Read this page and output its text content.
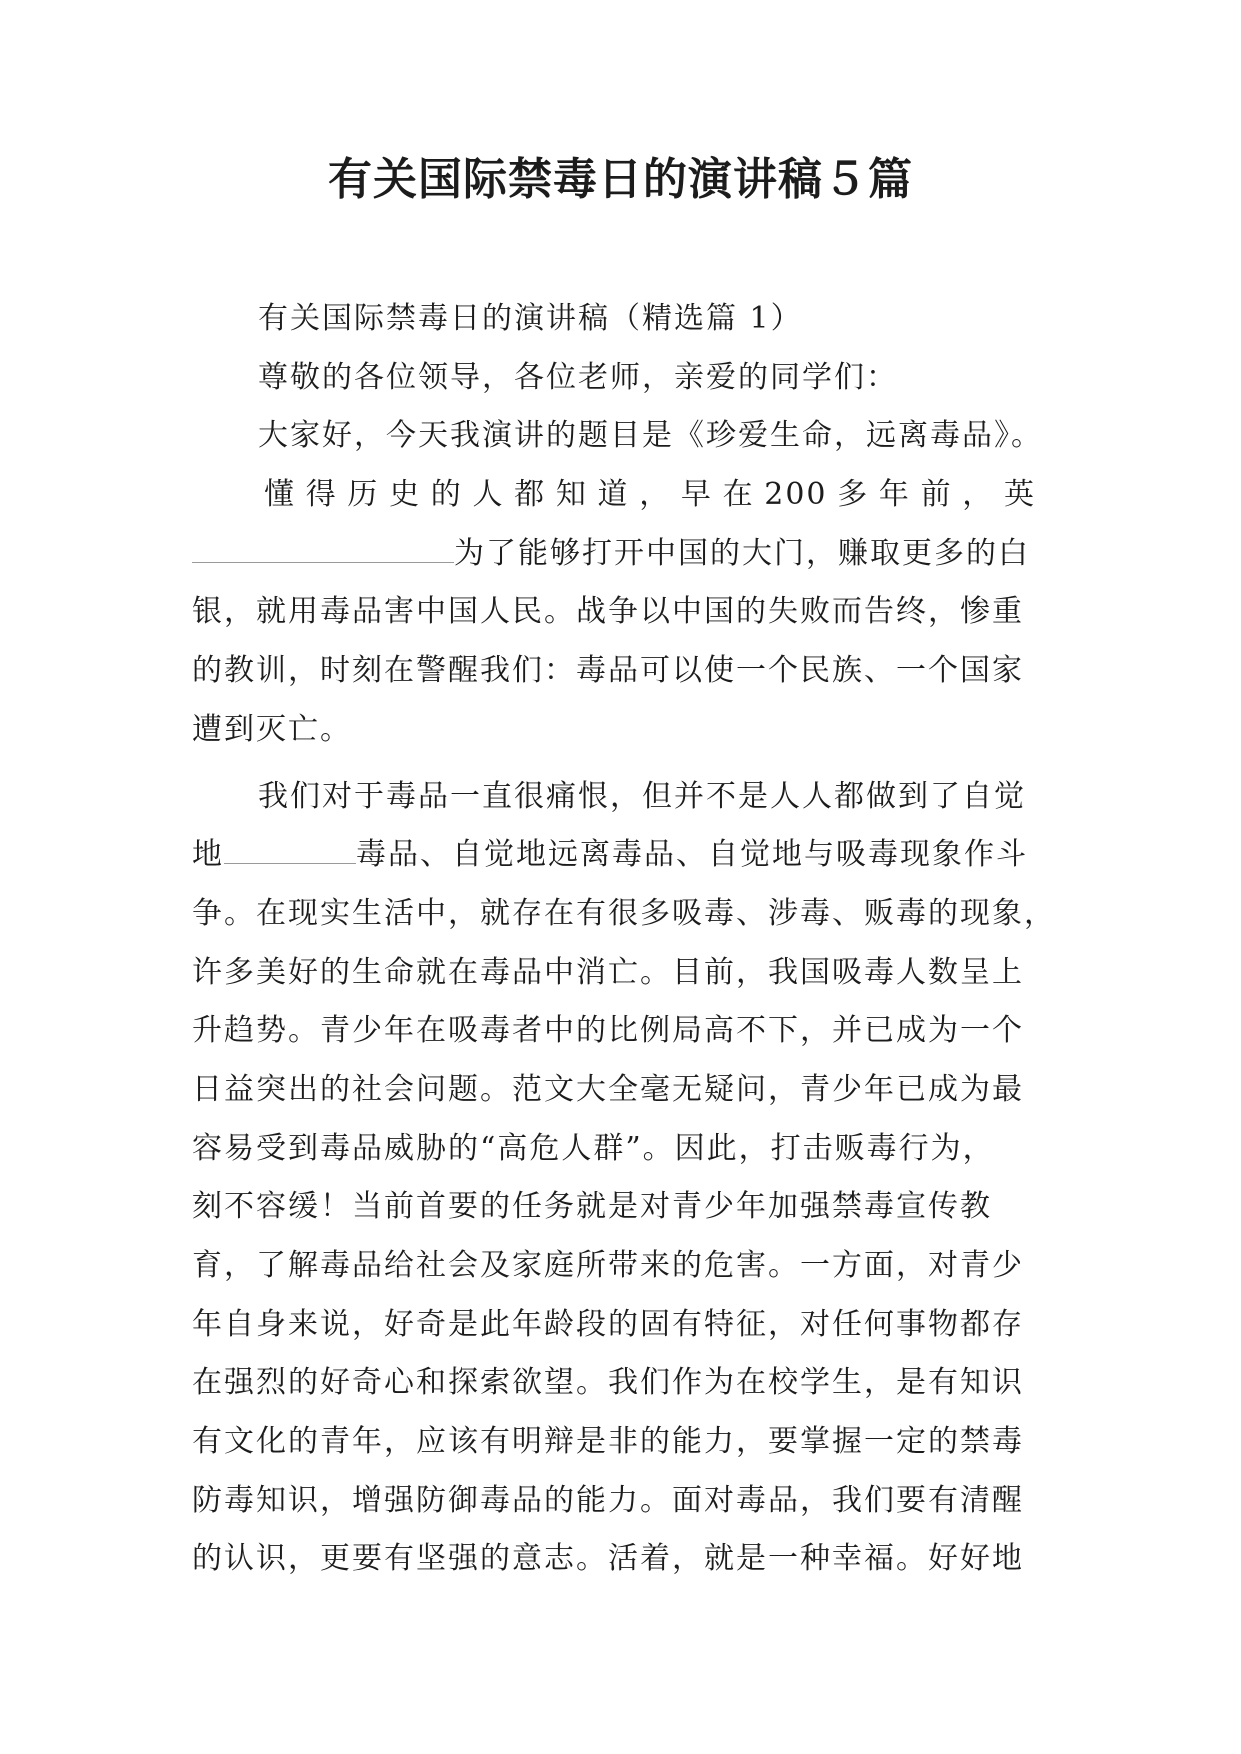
有关国际禁毒日的演讲稿５篇
有关国际禁毒日的演讲稿（精选篇 1）
尊敬的各位领导，各位老师，亲爱的同学们：
大家好，今天我演讲的题目是《珍爱生命，远离毒品》。
懂 得 历 史 的 人 都 知 道 ， 早 在 200 多 年 前 ， 英
为了能够打开中国的大门，赚取更多的白
银，就用毒品害中国人民。战争以中国的失败而告终，惨重
的教训，时刻在警醒我们：毒品可以使一个民族、一个国家
遭到灭亡。
我们对于毒品一直很痛恨，但并不是人人都做到了自觉
地	毒品、自觉地远离毒品、自觉地与吸毒现象作斗
争。在现实生活中，就存在有很多吸毒、涉毒、贩毒的现象，
许多美好的生命就在毒品中消亡。目前，我国吸毒人数呈上
升趋势。青少年在吸毒者中的比例局高不下，并已成为一个
日益突出的社会问题。范文大全毫无疑问，青少年已成为最
容易受到毒品威胁的“高危人群”。因此，打击贩毒行为，
刻不容缓！当前首要的任务就是对青少年加强禁毒宣传教
育，了解毒品给社会及家庭所带来的危害。一方面，对青少
年自身来说，好奇是此年龄段的固有特征，对任何事物都存
在强烈的好奇心和探索欲望。我们作为在校学生，是有知识
有文化的青年，应该有明辩是非的能力，要掌握一定的禁毒
防毒知识，增强防御毒品的能力。面对毒品，我们要有清醒
的认识，更要有坚强的意志。活着，就是一种幸福。好好地
